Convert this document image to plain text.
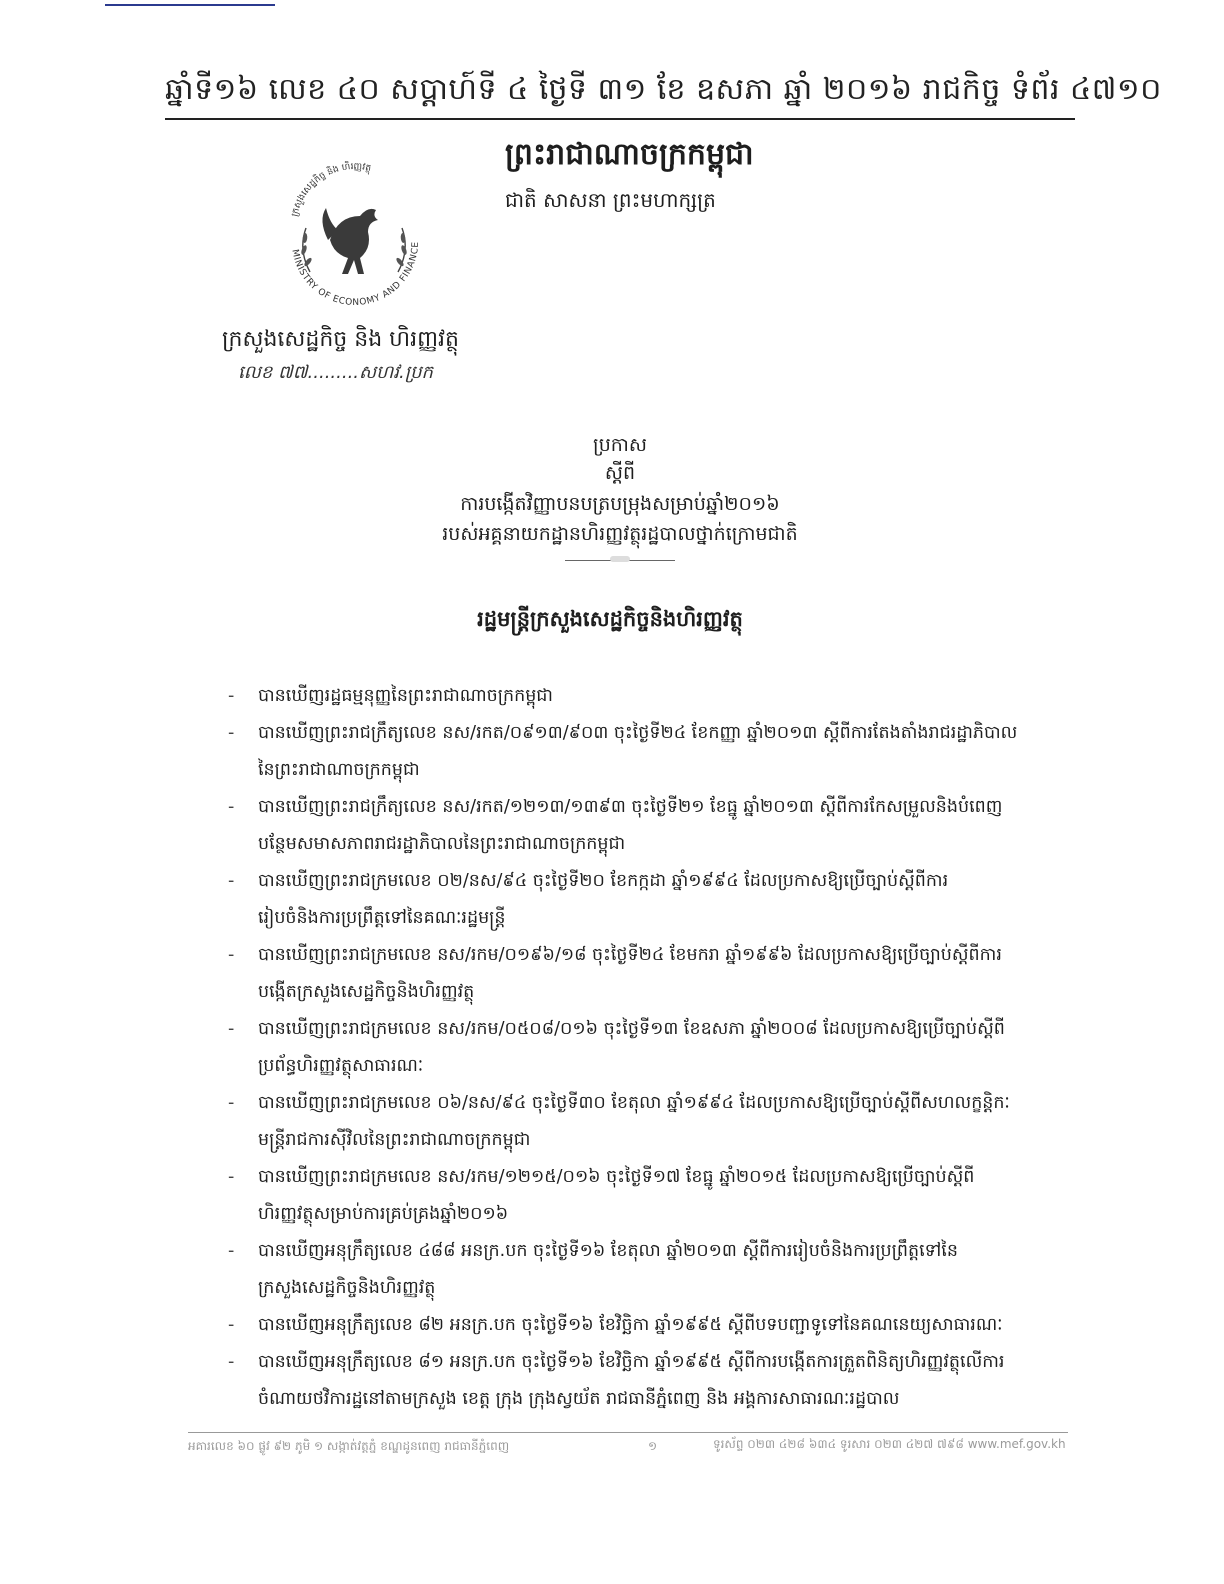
ឆ្នាំទី១៦ លេខ ៤០ សប្តាហ៍ទី ៤ ថ្ងៃទី ៣១ ខែ ឧសភា ឆ្នាំ ២០១៦ រាជកិច្ច ទំព័រ ៤៧១០
ព្រះរាជាណាចក្រកម្ពុជា
ជាតិ សាសនា ព្រះមហាក្សត្រ
MINISTRY OF ECONOMY AND FINANCE
ក្រសួងសេដ្ឋកិច្ច និង ហិរញ្ញវត្ថុ
ក្រសួងសេដ្ឋកិច្ច និង ហិរញ្ញវត្ថុ
លេខ ៧៧.........សហវ.ប្រក
ប្រកាស
ស្តីពី
ការបង្កើតវិញ្ញាបនបត្របម្រុងសម្រាប់ឆ្នាំ២០១៦
របស់អគ្គនាយកដ្ឋានហិរញ្ញវត្ថុរដ្ឋបាលថ្នាក់ក្រោមជាតិ
រដ្ឋមន្ត្រីក្រសួងសេដ្ឋកិច្ចនិងហិរញ្ញវត្ថុ
-	បានឃើញរដ្ឋធម្មនុញ្ញនៃព្រះរាជាណាចក្រកម្ពុជា
-	បានឃើញព្រះរាជក្រឹត្យលេខ នស/រកត/០៩១៣/៩០៣ ចុះថ្ងៃទី២៤ ខែកញ្ញា ឆ្នាំ២០១៣ ស្តីពីការតែងតាំងរាជរដ្ឋាភិបាល
នៃព្រះរាជាណាចក្រកម្ពុជា
-	បានឃើញព្រះរាជក្រឹត្យលេខ នស/រកត/១២១៣/១៣៩៣ ចុះថ្ងៃទី២១ ខែធ្នូ ឆ្នាំ២០១៣ ស្តីពីការកែសម្រួលនិងបំពេញ
បន្ថែមសមាសភាពរាជរដ្ឋាភិបាលនៃព្រះរាជាណាចក្រកម្ពុជា
-	បានឃើញព្រះរាជក្រមលេខ ០២/នស/៩៤ ចុះថ្ងៃទី២០ ខែកក្កដា ឆ្នាំ១៩៩៤ ដែលប្រកាសឱ្យប្រើច្បាប់ស្តីពីការ
រៀបចំនិងការប្រព្រឹត្តទៅនៃគណៈរដ្ឋមន្ត្រី
-	បានឃើញព្រះរាជក្រមលេខ នស/រកម/០១៩៦/១៨ ចុះថ្ងៃទី២៤ ខែមករា ឆ្នាំ១៩៩៦ ដែលប្រកាសឱ្យប្រើច្បាប់ស្តីពីការ
បង្កើតក្រសួងសេដ្ឋកិច្ចនិងហិរញ្ញវត្ថុ
-	បានឃើញព្រះរាជក្រមលេខ នស/រកម/០៥០៨/០១៦ ចុះថ្ងៃទី១៣ ខែឧសភា ឆ្នាំ២០០៨ ដែលប្រកាសឱ្យប្រើច្បាប់ស្តីពី
ប្រព័ន្ធហិរញ្ញវត្ថុសាធារណៈ
-	បានឃើញព្រះរាជក្រមលេខ ០៦/នស/៩៤ ចុះថ្ងៃទី៣០ ខែតុលា ឆ្នាំ១៩៩៤ ដែលប្រកាសឱ្យប្រើច្បាប់ស្តីពីសហលក្ខន្តិកៈ
មន្ត្រីរាជការស៊ីវិលនៃព្រះរាជាណាចក្រកម្ពុជា
-	បានឃើញព្រះរាជក្រមលេខ នស/រកម/១២១៥/០១៦ ចុះថ្ងៃទី១៧ ខែធ្នូ ឆ្នាំ២០១៥ ដែលប្រកាសឱ្យប្រើច្បាប់ស្តីពី
ហិរញ្ញវត្ថុសម្រាប់ការគ្រប់គ្រងឆ្នាំ២០១៦
-	បានឃើញអនុក្រឹត្យលេខ ៤៨៨ អនក្រ.បក ចុះថ្ងៃទី១៦ ខែតុលា ឆ្នាំ២០១៣ ស្តីពីការរៀបចំនិងការប្រព្រឹត្តទៅនៃ
ក្រសួងសេដ្ឋកិច្ចនិងហិរញ្ញវត្ថុ
-	បានឃើញអនុក្រឹត្យលេខ ៨២ អនក្រ.បក ចុះថ្ងៃទី១៦ ខែវិច្ឆិកា ឆ្នាំ១៩៩៥ ស្តីពីបទបញ្ជាទូទៅនៃគណនេយ្យសាធារណៈ
-	បានឃើញអនុក្រឹត្យលេខ ៨១ អនក្រ.បក ចុះថ្ងៃទី១៦ ខែវិច្ឆិកា ឆ្នាំ១៩៩៥ ស្តីពីការបង្កើតការត្រួតពិនិត្យហិរញ្ញវត្ថុលើការ
ចំណាយថវិការដ្ឋនៅតាមក្រសួង ខេត្ត ក្រុង ក្រុងស្វយ័ត រាជធានីភ្នំពេញ និង អង្គការសាធារណៈរដ្ឋបាល
អគារលេខ ៦០ ផ្លូវ ៩២ ភូមិ ១ សង្កាត់វត្តភ្នំ ខណ្ឌដូនពេញ រាជធានីភ្នំពេញ	១	ទូរស័ព្ទ ០២៣ ៤២៨ ៦៣៤ ទូរសារ ០២៣ ៤២៧ ៧៩៨ www.mef.gov.kh
